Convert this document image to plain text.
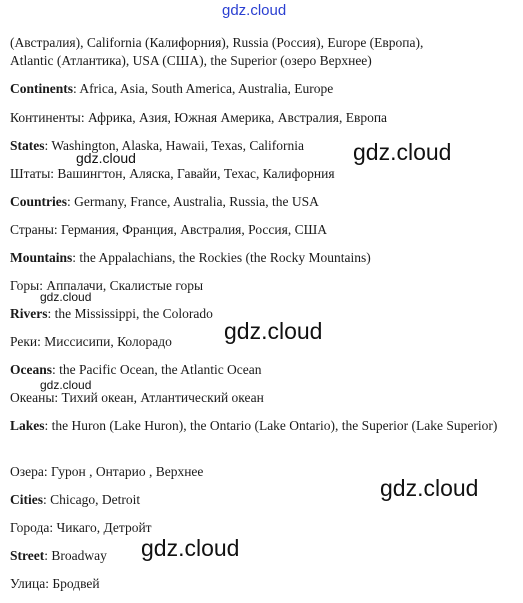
(Австралия), California (Калифорния), Russia (Россия), Europe (Европа),
Atlantic (Атлантика), USA (США), the Superior (озеро Верхнее)
Continents: Africa, Asia, South America, Australia, Europe
Континенты: Африка, Азия, Южная Америка, Австралия, Европа
States: Washington, Alaska, Hawaii, Texas, California
Штаты: Вашингтон, Аляска, Гавайи, Техас, Калифорния
Countries: Germany, France, Australia, Russia, the USA
Страны: Германия, Франция, Австралия, Россия, США
Mountains: the Appalachians, the Rockies (the Rocky Mountains)
Горы: Аппалачи, Скалистые горы
Rivers: the Mississippi, the Colorado
Реки: Миссисипи, Колорадо
Oceans: the Pacific Ocean, the Atlantic Ocean
Океаны: Тихий океан, Атлантический океан
Lakes: the Huron (Lake Huron), the Ontario (Lake Ontario), the Superior (Lake Superior)
Озера: Гурон , Онтарио , Верхнее
Cities: Chicago, Detroit
Города: Чикаго, Детройт
Street: Broadway
Улица: Бродвей
gdz.cloud
gdz.cloud	gdz.cloud
gdz.cloud
gdz.cloud
gdz.cloud
gdz.cloud
gdz.cloud
